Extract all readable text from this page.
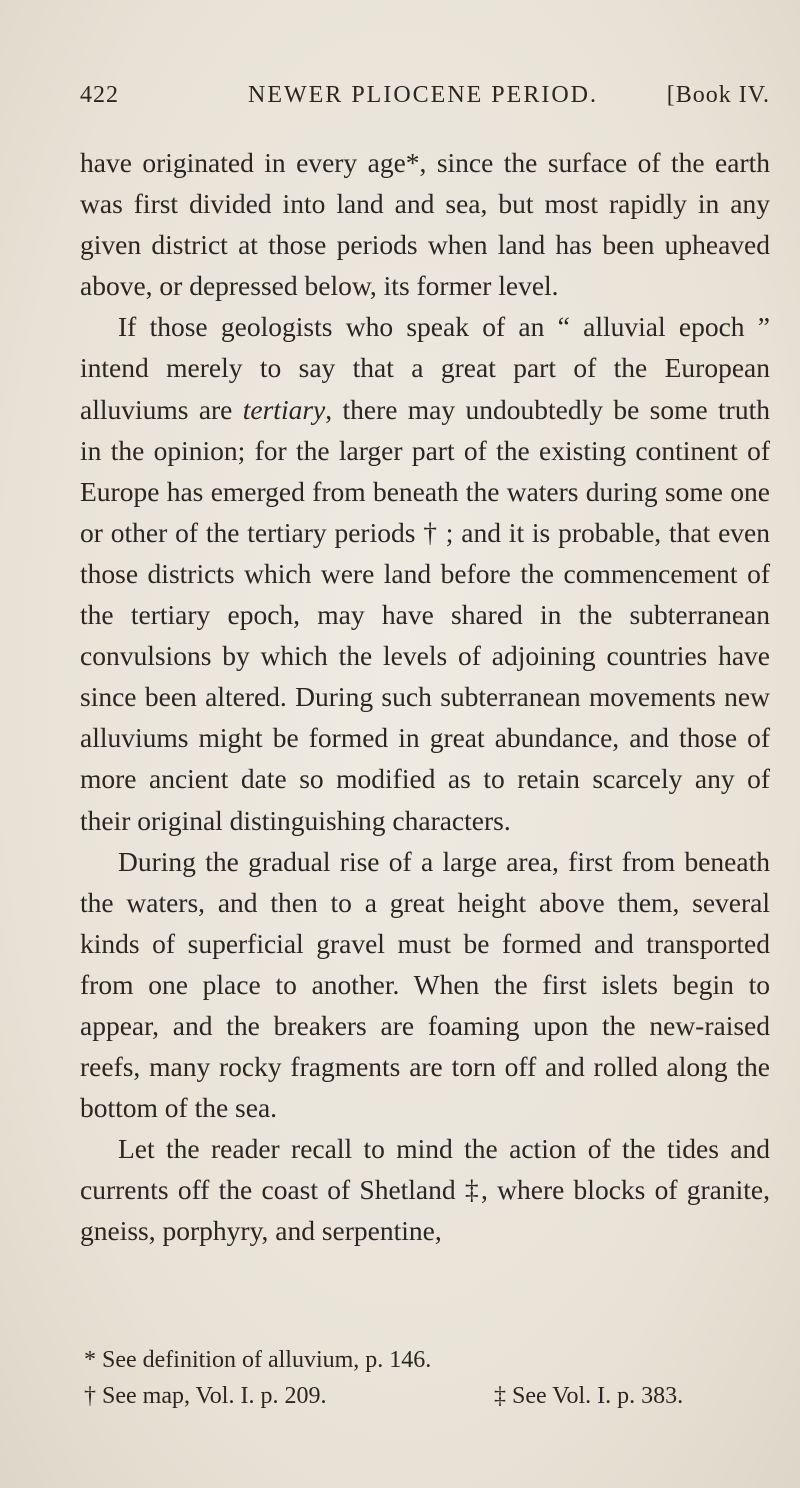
422	NEWER PLIOCENE PERIOD.	[Book IV.

have originated in every age*, since the surface of the earth was first divided into land and sea, but most rapidly in any given district at those periods when land has been upheaved above, or depressed below, its former level.

If those geologists who speak of an “ alluvial epoch ” intend merely to say that a great part of the European alluviums are tertiary, there may undoubtedly be some truth in the opinion; for the larger part of the existing continent of Europe has emerged from beneath the waters during some one or other of the tertiary periods † ; and it is probable, that even those districts which were land before the commencement of the tertiary epoch, may have shared in the subterranean convulsions by which the levels of adjoining countries have since been altered. During such subterranean movements new alluviums might be formed in great abundance, and those of more ancient date so modified as to retain scarcely any of their original distinguishing characters.

During the gradual rise of a large area, first from beneath the waters, and then to a great height above them, several kinds of superficial gravel must be formed and transported from one place to another. When the first islets begin to appear, and the breakers are foaming upon the new-raised reefs, many rocky fragments are torn off and rolled along the bottom of the sea.

Let the reader recall to mind the action of the tides and currents off the coast of Shetland ‡, where blocks of granite, gneiss, porphyry, and serpentine,

* See definition of alluvium, p. 146.
† See map, Vol. I. p. 209.	‡ See Vol. I. p. 383.
